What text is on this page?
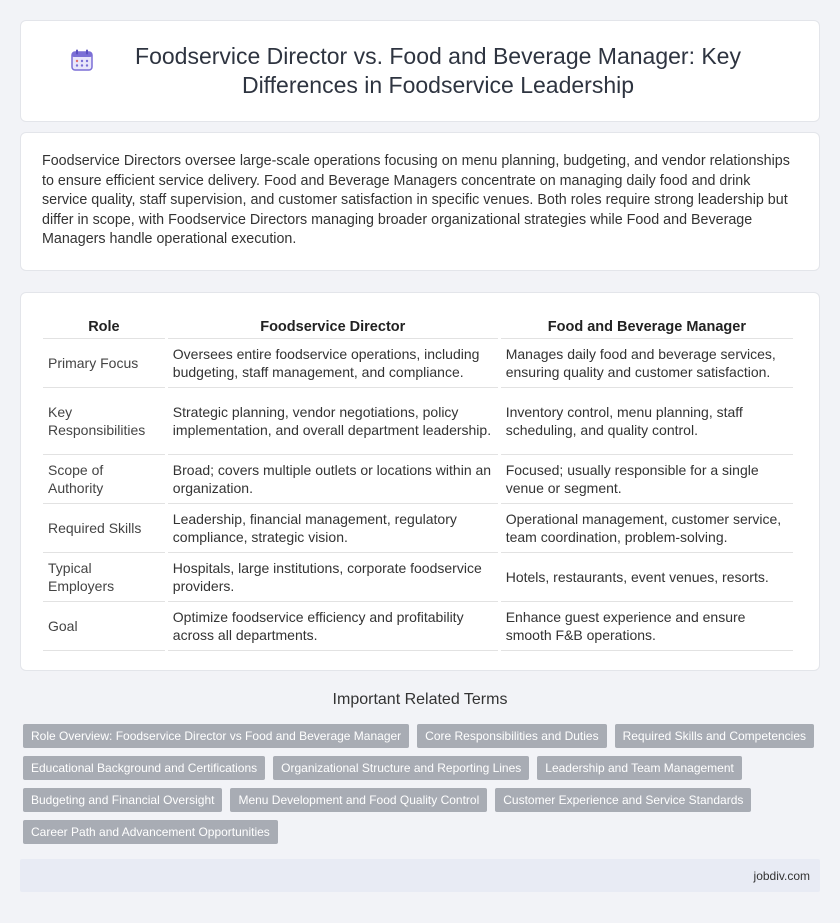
Foodservice Director vs. Food and Beverage Manager: Key Differences in Foodservice Leadership

Foodservice Directors oversee large-scale operations focusing on menu planning, budgeting, and vendor relationships to ensure efficient service delivery. Food and Beverage Managers concentrate on managing daily food and drink service quality, staff supervision, and customer satisfaction in specific venues. Both roles require strong leadership but differ in scope, with Foodservice Directors managing broader organizational strategies while Food and Beverage Managers handle operational execution.

Role	Foodservice Director	Food and Beverage Manager
Primary Focus	Oversees entire foodservice operations, including budgeting, staff management, and compliance.	Manages daily food and beverage services, ensuring quality and customer satisfaction.
Key Responsibilities	Strategic planning, vendor negotiations, policy implementation, and overall department leadership.	Inventory control, menu planning, staff scheduling, and quality control.
Scope of Authority	Broad; covers multiple outlets or locations within an organization.	Focused; usually responsible for a single venue or segment.
Required Skills	Leadership, financial management, regulatory compliance, strategic vision.	Operational management, customer service, team coordination, problem-solving.
Typical Employers	Hospitals, large institutions, corporate foodservice providers.	Hotels, restaurants, event venues, resorts.
Goal	Optimize foodservice efficiency and profitability across all departments.	Enhance guest experience and ensure smooth F&B operations.
Important Related Terms
Role Overview: Foodservice Director vs Food and Beverage Manager	Core Responsibilities and Duties	Required Skills and Competencies
Educational Background and Certifications	Organizational Structure and Reporting Lines	Leadership and Team Management
Budgeting and Financial Oversight	Menu Development and Food Quality Control	Customer Experience and Service Standards
Career Path and Advancement Opportunities
jobdiv.com
